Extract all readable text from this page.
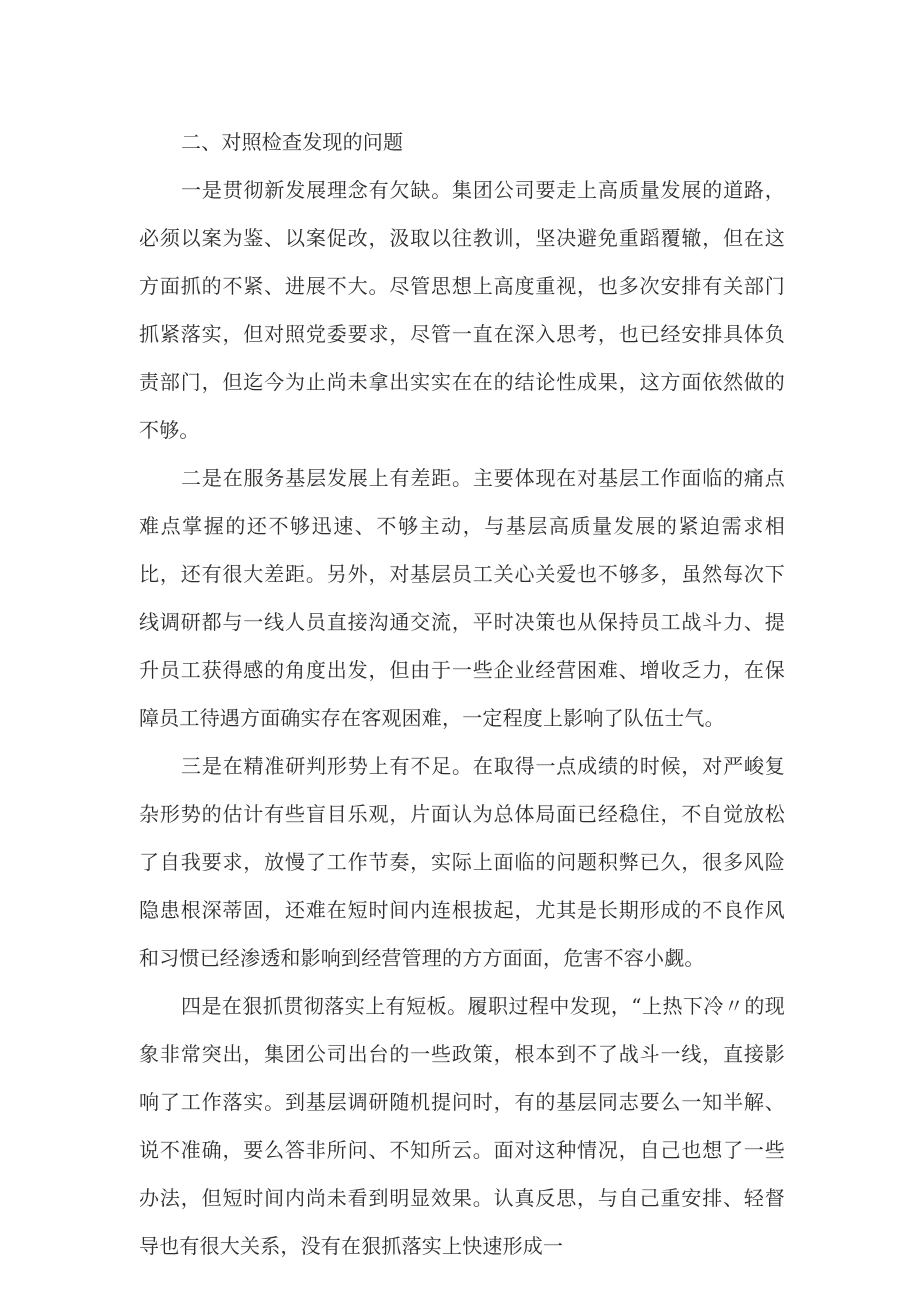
二、对照检查发现的问题

一是贯彻新发展理念有欠缺。集团公司要走上高质量发展的道路，必须以案为鉴、以案促改，汲取以往教训，坚决避免重蹈覆辙，但在这方面抓的不紧、进展不大。尽管思想上高度重视，也多次安排有关部门抓紧落实，但对照党委要求，尽管一直在深入思考，也已经安排具体负责部门，但迄今为止尚未拿出实实在在的结论性成果，这方面依然做的不够。

二是在服务基层发展上有差距。主要体现在对基层工作面临的痛点难点掌握的还不够迅速、不够主动，与基层高质量发展的紧迫需求相比，还有很大差距。另外，对基层员工关心关爱也不够多，虽然每次下线调研都与一线人员直接沟通交流，平时决策也从保持员工战斗力、提升员工获得感的角度出发，但由于一些企业经营困难、增收乏力，在保障员工待遇方面确实存在客观困难，一定程度上影响了队伍士气。

三是在精准研判形势上有不足。在取得一点成绩的时候，对严峻复杂形势的估计有些盲目乐观，片面认为总体局面已经稳住，不自觉放松了自我要求，放慢了工作节奏，实际上面临的问题积弊已久，很多风险隐患根深蒂固，还难在短时间内连根拔起，尤其是长期形成的不良作风和习惯已经渗透和影响到经营管理的方方面面，危害不容小觑。

四是在狠抓贯彻落实上有短板。履职过程中发现，“上热下冷〃的现象非常突出，集团公司出台的一些政策，根本到不了战斗一线，直接影响了工作落实。到基层调研随机提问时，有的基层同志要么一知半解、说不准确，要么答非所问、不知所云。面对这种情况，自己也想了一些办法，但短时间内尚未看到明显效果。认真反思，与自己重安排、轻督导也有很大关系，没有在狠抓落实上快速形成一
